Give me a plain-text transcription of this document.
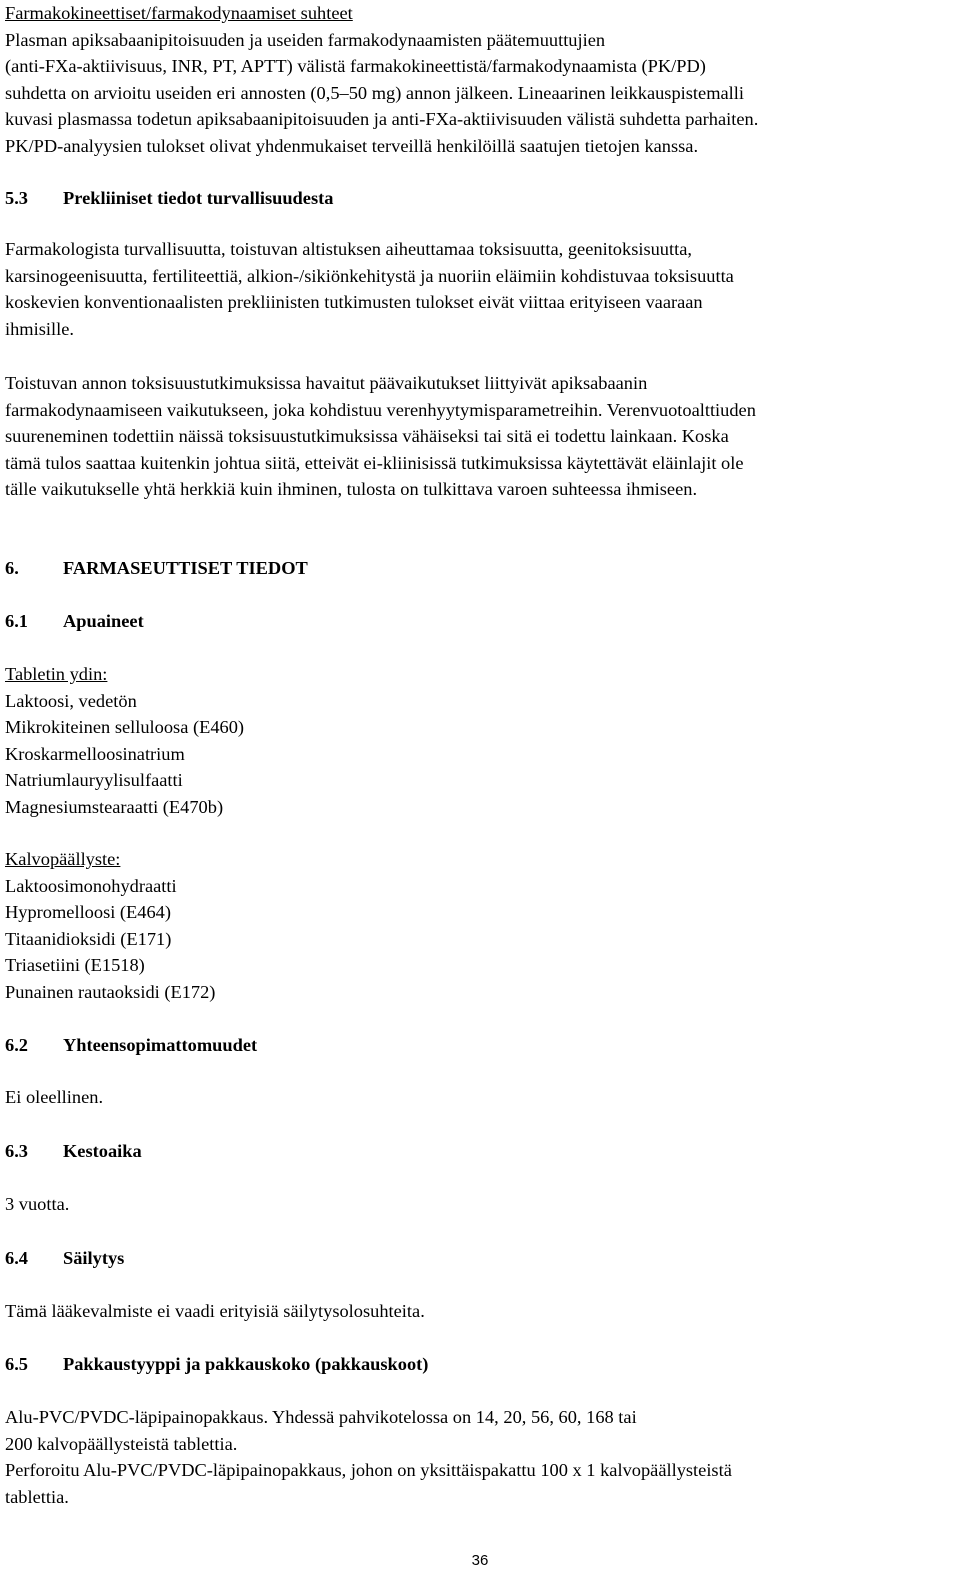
Farmakokineettiset/farmakodynaamiset suhteet

Plasman apiksabaanipitoisuuden ja useiden farmakodynaamisten päätemuuttujien

(anti-FXa-aktiivisuus, INR, PT, APTT) välistä farmakokineettistä/farmakodynaamista (PK/PD)

suhdetta on arvioitu useiden eri annosten (0,5–50 mg) annon jälkeen. Lineaarinen leikkauspistemalli

kuvasi plasmassa todetun apiksabaanipitoisuuden ja anti-FXa-aktiivisuuden välistä suhdetta parhaiten.

PK/PD-analyysien tulokset olivat yhdenmukaiset terveillä henkilöillä saatujen tietojen kanssa.

5.3 Prekliiniset tiedot turvallisuudesta

Farmakologista turvallisuutta, toistuvan altistuksen aiheuttamaa toksisuutta, geenitoksisuutta,

karsinogeenisuutta, fertiliteettiä, alkion-/sikiönkehitystä ja nuoriin eläimiin kohdistuvaa toksisuutta

koskevien konventionaalisten prekliinisten tutkimusten tulokset eivät viittaa erityiseen vaaraan

ihmisille.

Toistuvan annon toksisuustutkimuksissa havaitut päävaikutukset liittyivät apiksabaanin

farmakodynaamiseen vaikutukseen, joka kohdistuu verenhyytymisparametreihin. Verenvuotoalttiuden

suureneminen todettiin näissä toksisuustutkimuksissa vähäiseksi tai sitä ei todettu lainkaan. Koska

tämä tulos saattaa kuitenkin johtua siitä, etteivät ei-kliinisissä tutkimuksissa käytettävät eläinlajit ole

tälle vaikutukselle yhtä herkkiä kuin ihminen, tulosta on tulkittava varoen suhteessa ihmiseen.

6. FARMASEUTTISET TIEDOT
6.1 Apuaineet

Tabletin ydin:

Laktoosi, vedetön

Mikrokiteinen selluloosa (E460)

Kroskarmelloosinatrium

Natriumlauryylisulfaatti

Magnesiumstearaatti (E470b)

Kalvopäällyste:

Laktoosimonohydraatti

Hypromelloosi (E464)

Titaanidioksidi (E171)

Triasetiini (E1518)

Punainen rautaoksidi (E172)

6.2 Yhteensopimattomuudet
Ei oleellinen.
6.3 Kestoaika
3 vuotta.
6.4 Säilytys
Tämä lääkevalmiste ei vaadi erityisiä säilytysolosuhteita.
6.5 Pakkaustyyppi ja pakkauskoko (pakkauskoot)

Alu-PVC/PVDC-läpipainopakkaus. Yhdessä pahvikotelossa on 14, 20, 56, 60, 168 tai

200 kalvopäällysteistä tablettia.

Perforoitu Alu-PVC/PVDC-läpipainopakkaus, johon on yksittäispakattu 100 x 1 kalvopäällysteistä

tablettia.

36
